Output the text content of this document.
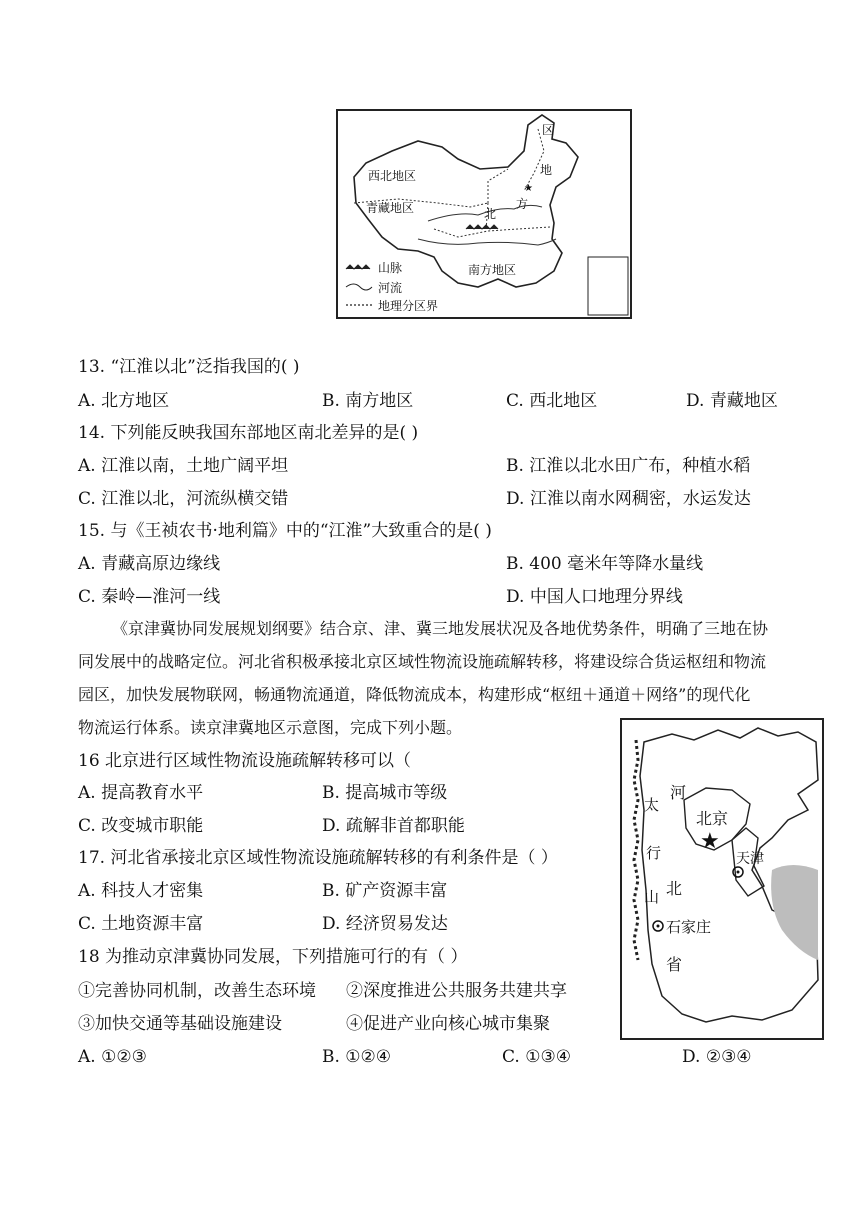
★
西北地区
青藏地区	北
方
地
区
南方地区
山脉
河流
地理分区界
13. “江淮以北”泛指我国的( )
A. 北方地区	B. 南方地区	C. 西北地区	D. 青藏地区
14. 下列能反映我国东部地区南北差异的是( )
A. 江淮以南，土地广阔平坦	B. 江淮以北水田广布，种植水稻
C. 江淮以北，河流纵横交错	D. 江淮以南水网稠密，水运发达
15. 与《王祯农书·地利篇》中的“江淮”大致重合的是( )
A. 青藏高原边缘线	B. 400 毫米年等降水量线
C. 秦岭—淮河一线	D. 中国人口地理分界线
《京津冀协同发展规划纲要》结合京、津、冀三地发展状况及各地优势条件，明确了三地在协
同发展中的战略定位。河北省积极承接北京区域性物流设施疏解转移，将建设综合货运枢纽和物流
园区，加快发展物联网，畅通物流通道，降低物流成本，构建形成“枢纽＋通道＋网络”的现代化
物流运行体系。读京津冀地区示意图，完成下列小题。
★
北京
天津
石家庄
河
北
省
太
行
山
16 北京进行区域性物流设施疏解转移可以（
A. 提高教育水平	B. 提高城市等级
C. 改变城市职能	D. 疏解非首都职能
17. 河北省承接北京区域性物流设施疏解转移的有利条件是（ ）
A. 科技人才密集	B. 矿产资源丰富
C. 土地资源丰富	D. 经济贸易发达
18 为推动京津冀协同发展，下列措施可行的有（ ）
①完善协同机制，改善生态环境 ②深度推进公共服务共建共享
③加快交通等基础设施建设	④促进产业向核心城市集聚
A. ①②③	B. ①②④	C. ①③④	D. ②③④
